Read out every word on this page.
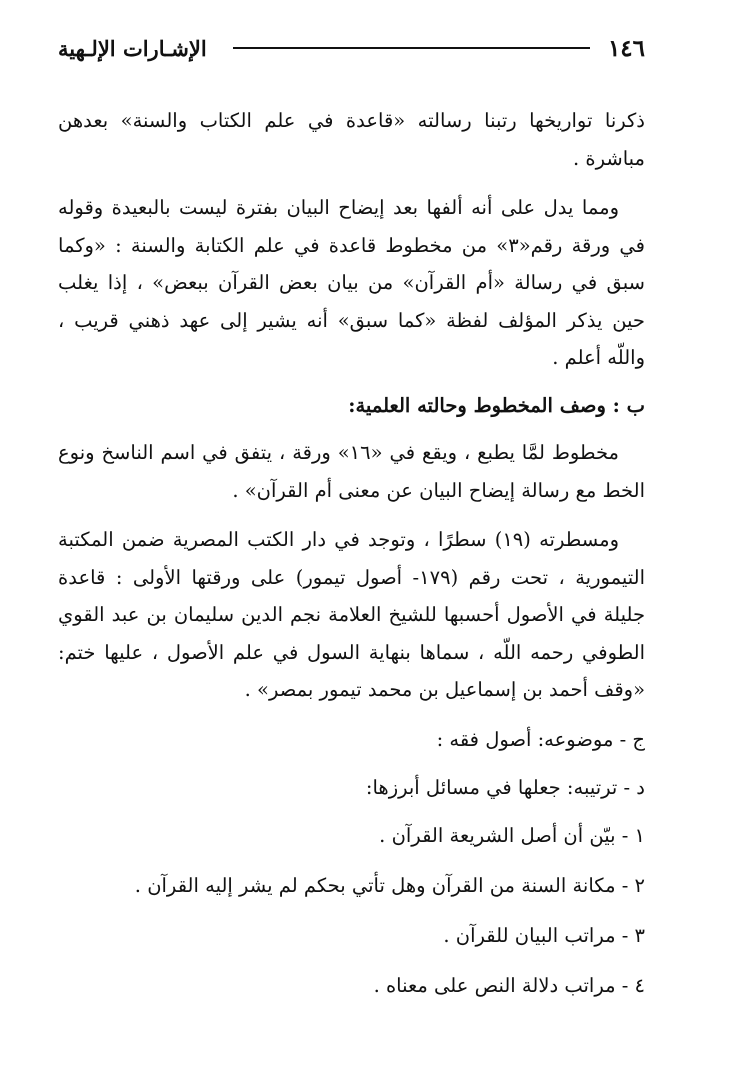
١٤٦
الإشـارات الإلـهية

ذكرنا تواريخها رتبنا رسالته «قاعدة في علم الكتاب والسنة» بعدهن مباشرة .

ومما يدل على أنه ألفها بعد إيضاح البيان بفترة ليست بالبعيدة وقوله في ورقة رقم«٣» من مخطوط قاعدة في علم الكتابة والسنة : «وكما سبق في رسالة «أم القرآن» من بيان بعض القرآن ببعض» ، إذا يغلب حين يذكر المؤلف لفظة «كما سبق» أنه يشير إلى عهد ذهني قريب ، واللّه أعلم .

ب : وصف المخطوط وحالته العلمية:

مخطوط لمَّا يطبع ، ويقع في «١٦» ورقة ، يتفق في اسم الناسخ ونوع الخط مع رسالة إيضاح البيان عن معنى أم القرآن» .

ومسطرته (١٩) سطرًا ، وتوجد في دار الكتب المصرية ضمن المكتبة التيمورية ، تحت رقم (١٧٩- أصول تيمور) على ورقتها الأولى : قاعدة جليلة في الأصول أحسبها للشيخ العلامة نجم الدين سليمان بن عبد القوي الطوفي رحمه اللّه ، سماها بنهاية السول في علم الأصول ، عليها ختم: «وقف أحمد بن إسماعيل بن محمد تيمور بمصر» .

ج - موضوعه: أصول فقه :

د - ترتيبه: جعلها في مسائل أبرزها:

١ - بيّن أن أصل الشريعة القرآن .

٢ - مكانة السنة من القرآن وهل تأتي بحكم لم يشر إليه القرآن .

٣ - مراتب البيان للقرآن .

٤ - مراتب دلالة النص على معناه .
